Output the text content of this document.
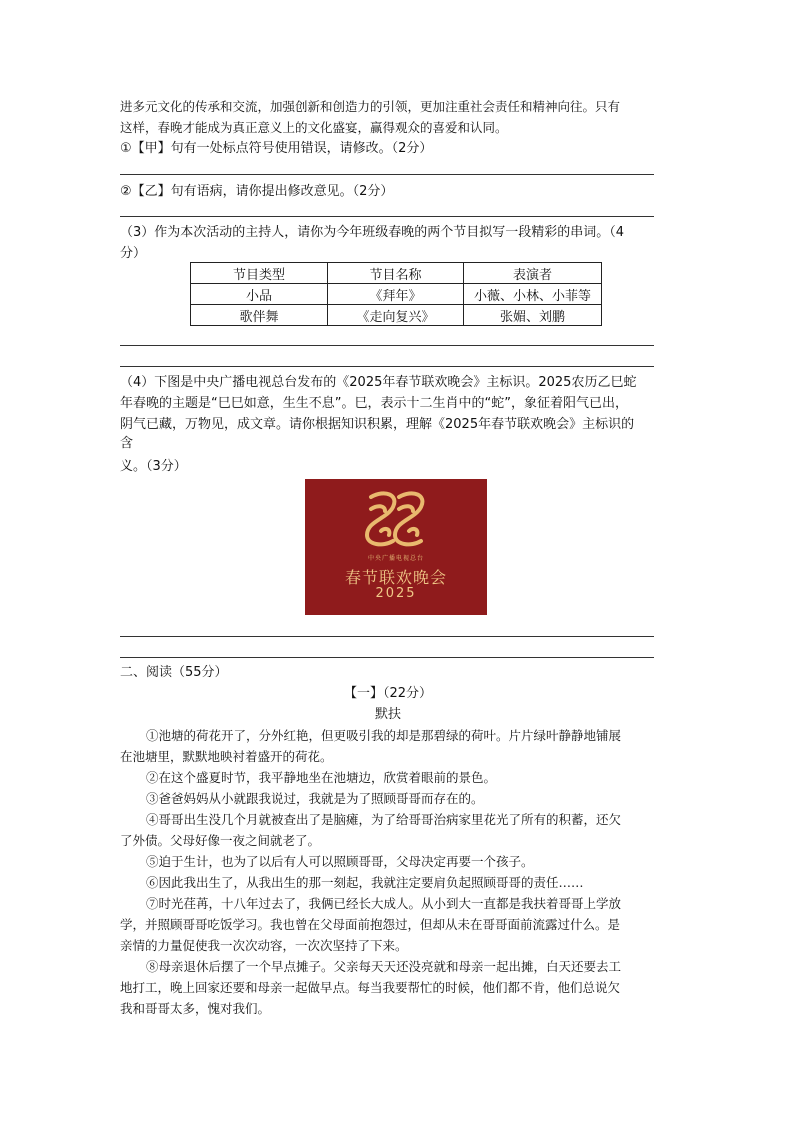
进多元文化的传承和交流，加强创新和创造力的引领，更加注重社会责任和精神向往。只有
这样，春晚才能成为真正意义上的文化盛宴，赢得观众的喜爱和认同。
①【甲】句有一处标点符号使用错误，请修改。（2分）
②【乙】句有语病，请你提出修改意见。（2分）
（3）作为本次活动的主持人，请你为今年班级春晚的两个节目拟写一段精彩的串词。（4
分）
节目类型	节目名称	表演者
小品	《拜年》	小薇、小林、小菲等
歌伴舞	《走向复兴》	张媚、刘鹏
（4）下图是中央广播电视总台发布的《2025年春节联欢晚会》主标识。2025农历乙巳蛇
年春晚的主题是“巳巳如意，生生不息”。巳，表示十二生肖中的“蛇”，象征着阳气已出，
阴气已藏，万物见，成文章。请你根据知识积累，理解《2025年春节联欢晚会》主标识的
含
义。（3分）
中央广播电视总台
春节联欢晚会
2025
二、阅读（55分）
【一】（22分）
默扶
①池塘的荷花开了，分外红艳，但更吸引我的却是那碧绿的荷叶。片片绿叶静静地铺展
在池塘里，默默地映衬着盛开的荷花。
②在这个盛夏时节，我平静地坐在池塘边，欣赏着眼前的景色。
③爸爸妈妈从小就跟我说过，我就是为了照顾哥哥而存在的。
④哥哥出生没几个月就被查出了是脑瘫，为了给哥哥治病家里花光了所有的积蓄，还欠
了外债。父母好像一夜之间就老了。
⑤迫于生计，也为了以后有人可以照顾哥哥，父母决定再要一个孩子。
⑥因此我出生了，从我出生的那一刻起，我就注定要肩负起照顾哥哥的责任……
⑦时光荏苒，十八年过去了，我俩已经长大成人。从小到大一直都是我扶着哥哥上学放
学，并照顾哥哥吃饭学习。我也曾在父母面前抱怨过，但却从未在哥哥面前流露过什么。是
亲情的力量促使我一次次动容，一次次坚持了下来。
⑧母亲退休后摆了一个早点摊子。父亲每天天还没亮就和母亲一起出摊，白天还要去工
地打工，晚上回家还要和母亲一起做早点。每当我要帮忙的时候，他们都不肯，他们总说欠
我和哥哥太多，愧对我们。
